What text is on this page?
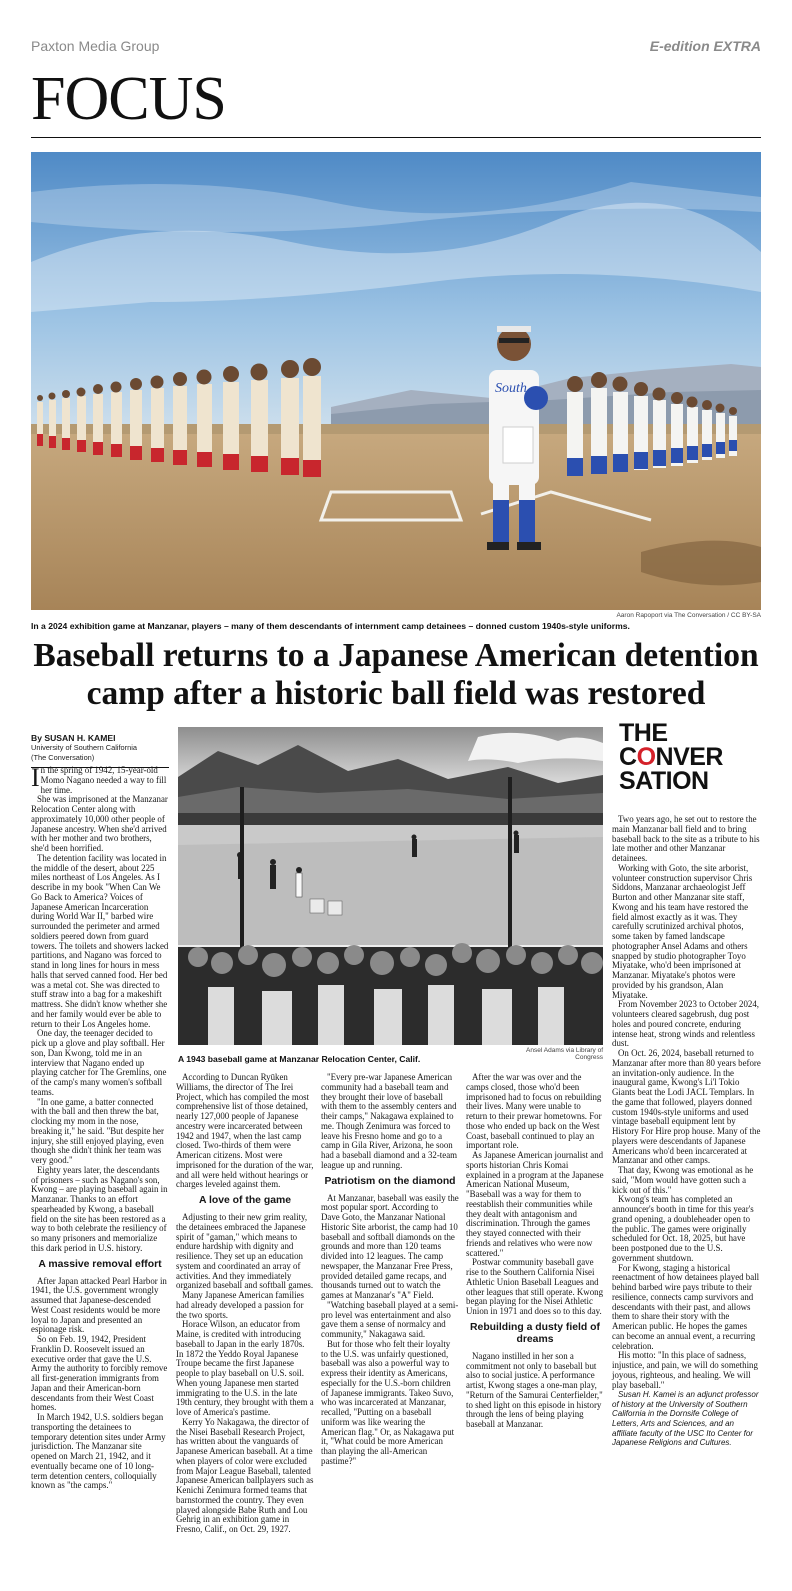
Paxton Media Group	E-edition EXTRA
FOCUS
South
Aaron Rapoport via The Conversation / CC BY-SA
In a 2024 exhibition game at Manzanar, players – many of them descendants of internment camp detainees – donned custom 1940s-style uniforms.
Baseball returns to a Japanese American detention camp after a historic ball field was restored
By SUSAN H. KAMEI
University of Southern California
(The Conversation)
Ansel Adams via Library of Congress
A 1943 baseball game at Manzanar Relocation Center, Calif.
THE
CONVER
SATION

In the spring of 1942, 15-year-old Momo Nagano needed a way to fill her time.

She was imprisoned at the Manzanar Relocation Center along with approximately 10,000 other people of Japanese ancestry. When she'd arrived with her mother and two brothers, she'd been horrified.

The detention facility was located in the middle of the desert, about 225 miles northeast of Los Angeles. As I describe in my book "When Can We Go Back to America? Voices of Japanese American Incarceration during World War II," barbed wire surrounded the perimeter and armed soldiers peered down from guard towers. The toilets and showers lacked partitions, and Nagano was forced to stand in long lines for hours in mess halls that served canned food. Her bed was a metal cot. She was directed to stuff straw into a bag for a makeshift mattress. She didn't know whether she and her family would ever be able to return to their Los Angeles home.

One day, the teenager decided to pick up a glove and play softball. Her son, Dan Kwong, told me in an interview that Nagano ended up playing catcher for The Gremlins, one of the camp's many women's softball teams.

"In one game, a batter connected with the ball and then threw the bat, clocking my mom in the nose, breaking it," he said. "But despite her injury, she still enjoyed playing, even though she didn't think her team was very good."

Eighty years later, the descendants of prisoners – such as Nagano's son, Kwong – are playing baseball again in Manzanar. Thanks to an effort spearheaded by Kwong, a baseball field on the site has been restored as a way to both celebrate the resiliency of so many prisoners and memorialize this dark period in U.S. history.

A massive removal effort

After Japan attacked Pearl Harbor in 1941, the U.S. government wrongly assumed that Japanese-descended West Coast residents would be more loyal to Japan and presented an espionage risk.

So on Feb. 19, 1942, President Franklin D. Roosevelt issued an executive order that gave the U.S. Army the authority to forcibly remove all first-generation immigrants from Japan and their American-born descendants from their West Coast homes.

In March 1942, U.S. soldiers began transporting the detainees to temporary detention sites under Army jurisdiction. The Manzanar site opened on March 21, 1942, and it eventually became one of 10 long-term detention centers, colloquially known as "the camps."

According to Duncan Ryūken Williams, the director of The Irei Project, which has compiled the most comprehensive list of those detained, nearly 127,000 people of Japanese ancestry were incarcerated between 1942 and 1947, when the last camp closed. Two-thirds of them were American citizens. Most were imprisoned for the duration of the war, and all were held without hearings or charges leveled against them.

A love of the game

Adjusting to their new grim reality, the detainees embraced the Japanese spirit of "gaman," which means to endure hardship with dignity and resilience. They set up an education system and coordinated an array of activities. And they immediately organized baseball and softball games.

Many Japanese American families had already developed a passion for the two sports.

Horace Wilson, an educator from Maine, is credited with introducing baseball to Japan in the early 1870s. In 1872 the Yeddo Royal Japanese Troupe became the first Japanese people to play baseball on U.S. soil. When young Japanese men started immigrating to the U.S. in the late 19th century, they brought with them a love of America's pastime.

Kerry Yo Nakagawa, the director of the Nisei Baseball Research Project, has written about the vanguards of Japanese American baseball. At a time when players of color were excluded from Major League Baseball, talented Japanese American ballplayers such as Kenichi Zenimura formed teams that barnstormed the country. They even played alongside Babe Ruth and Lou Gehrig in an exhibition game in Fresno, Calif., on Oct. 29, 1927.

"Every pre-war Japanese American community had a baseball team and they brought their love of baseball with them to the assembly centers and their camps," Nakagawa explained to me. Though Zenimura was forced to leave his Fresno home and go to a camp in Gila River, Arizona, he soon had a baseball diamond and a 32-team league up and running.

Patriotism on the diamond

At Manzanar, baseball was easily the most popular sport. According to Dave Goto, the Manzanar National Historic Site arborist, the camp had 10 baseball and softball diamonds on the grounds and more than 120 teams divided into 12 leagues. The camp newspaper, the Manzanar Free Press, provided detailed game recaps, and thousands turned out to watch the games at Manzanar's "A" Field.

"Watching baseball played at a semi-pro level was entertainment and also gave them a sense of normalcy and community," Nakagawa said.

But for those who felt their loyalty to the U.S. was unfairly questioned, baseball was also a powerful way to express their identity as Americans, especially for the U.S.-born children of Japanese immigrants. Takeo Suvo, who was incarcerated at Manzanar, recalled, "Putting on a baseball uniform was like wearing the American flag." Or, as Nakagawa put it, "What could be more American than playing the all-American pastime?"

After the war was over and the camps closed, those who'd been imprisoned had to focus on rebuilding their lives. Many were unable to return to their prewar hometowns. For those who ended up back on the West Coast, baseball continued to play an important role.

As Japanese American journalist and sports historian Chris Komai explained in a program at the Japanese American National Museum, "Baseball was a way for them to reestablish their communities while they dealt with antagonism and discrimination. Through the games they stayed connected with their friends and relatives who were now scattered."

Postwar community baseball gave rise to the Southern California Nisei Athletic Union Baseball Leagues and other leagues that still operate. Kwong began playing for the Nisei Athletic Union in 1971 and does so to this day.

Rebuilding a dusty field of dreams

Nagano instilled in her son a commitment not only to baseball but also to social justice. A performance artist, Kwong stages a one-man play, "Return of the Samurai Centerfielder," to shed light on this episode in history through the lens of being playing baseball at Manzanar.

Two years ago, he set out to restore the main Manzanar ball field and to bring baseball back to the site as a tribute to his late mother and other Manzanar detainees.

Working with Goto, the site arborist, volunteer construction supervisor Chris Siddons, Manzanar archaeologist Jeff Burton and other Manzanar site staff, Kwong and his team have restored the field almost exactly as it was. They carefully scrutinized archival photos, some taken by famed landscape photographer Ansel Adams and others snapped by studio photographer Toyo Miyatake, who'd been imprisoned at Manzanar. Miyatake's photos were provided by his grandson, Alan Miyatake.

From November 2023 to October 2024, volunteers cleared sagebrush, dug post holes and poured concrete, enduring intense heat, strong winds and relentless dust.

On Oct. 26, 2024, baseball returned to Manzanar after more than 80 years before an invitation-only audience. In the inaugural game, Kwong's Li'l Tokio Giants beat the Lodi JACL Templars. In the game that followed, players donned custom 1940s-style uniforms and used vintage baseball equipment lent by History For Hire prop house. Many of the players were descendants of Japanese Americans who'd been incarcerated at Manzanar and other camps.

That day, Kwong was emotional as he said, "Mom would have gotten such a kick out of this."

Kwong's team has completed an announcer's booth in time for this year's grand opening, a doubleheader open to the public. The games were originally scheduled for Oct. 18, 2025, but have been postponed due to the U.S. government shutdown.

For Kwong, staging a historical reenactment of how detainees played ball behind barbed wire pays tribute to their resilience, connects camp survivors and descendants with their past, and allows them to share their story with the American public. He hopes the games can become an annual event, a recurring celebration.

His motto: "In this place of sadness, injustice, and pain, we will do something joyous, righteous, and healing. We will play baseball."

Susan H. Kamei is an adjunct professor of history at the University of Southern California in the Dornsife College of Letters, Arts and Sciences, and an affiliate faculty of the USC Ito Center for Japanese Religions and Cultures.
